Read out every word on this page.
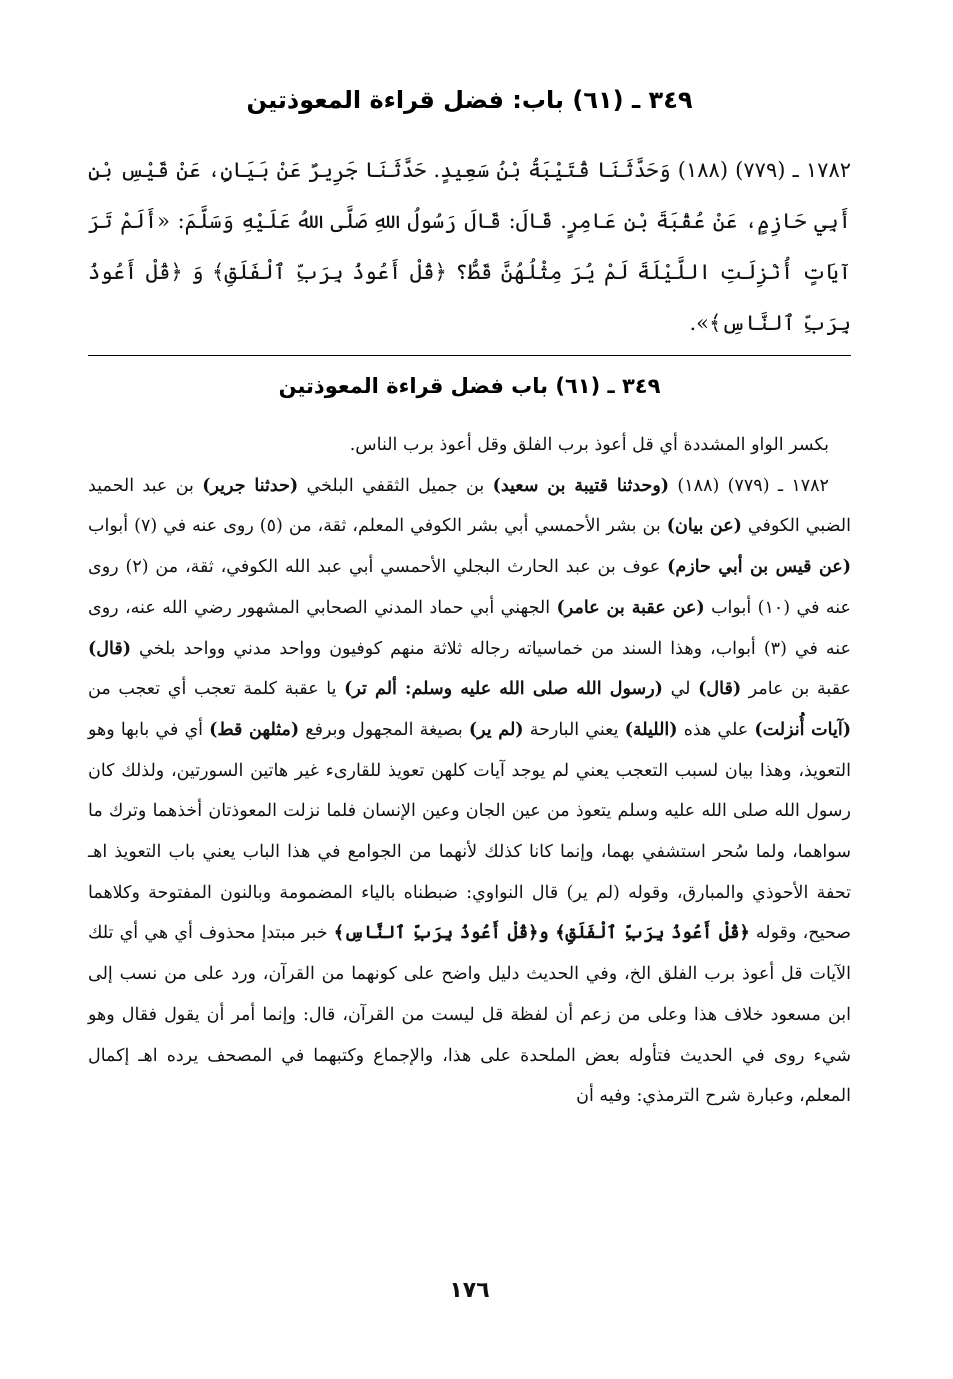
٣٤٩ ـ (٦١) باب: فضل قراءة المعوذتين
١٧٨٢ ـ (٧٧٩) (١٨٨) وَحَدَّثَنَا قُتَيْبَةُ بْنُ سَعِيدٍ. حَدَّثَنَا جَرِيرٌ عَنْ بَيَانٍ، عَنْ قَيْسِ بْنِ أَبِي حَازِمٍ، عَنْ عُقْبَةَ بْنِ عَامِرٍ. قَالَ: قَالَ رَسُولُ اللهِ صَلَّى اللهُ عَلَيْهِ وَسَلَّمَ: «أَلَمْ تَرَ آيَاتٍ أُنْزِلَتِ اللَّيْلَةَ لَمْ يُرَ مِثْلُهُنَّ قَطُّ؟ ﴿قُلْ أَعُوذُ بِرَبِّ ٱلْفَلَقِ﴾ وَ ﴿قُلْ أَعُوذُ بِرَبِّ ٱلنَّاسِ﴾».
٣٤٩ ـ (٦١) باب فضل قراءة المعوذتين

بكسر الواو المشددة أي قل أعوذ برب الفلق وقل أعوذ برب الناس.

١٧٨٢ ـ (٧٧٩) (١٨٨) (وحدثنا قتيبة بن سعيد) بن جميل الثقفي البلخي (حدثنا جرير) بن عبد الحميد الضبي الكوفي (عن بيان) بن بشر الأحمسي أبي بشر الكوفي المعلم، ثقة، من (٥) روى عنه في (٧) أبواب (عن قيس بن أبي حازم) عوف بن عبد الحارث البجلي الأحمسي أبي عبد الله الكوفي، ثقة، من (٢) روى عنه في (١٠) أبواب (عن عقبة بن عامر) الجهني أبي حماد المدني الصحابي المشهور رضي الله عنه، روى عنه في (٣) أبواب، وهذا السند من خماسياته رجاله ثلاثة منهم كوفيون وواحد مدني وواحد بلخي (قال) عقبة بن عامر (قال) لي (رسول الله صلى الله عليه وسلم: ألم تر) يا عقبة كلمة تعجب أي تعجب من (آيات أُنزلت) علي هذه (الليلة) يعني البارحة (لم ير) بصيغة المجهول وبرفع (مثلهن قط) أي في بابها وهو التعويذ، وهذا بيان لسبب التعجب يعني لم يوجد آيات كلهن تعويذ للقارىء غير هاتين السورتين، ولذلك كان رسول الله صلى الله عليه وسلم يتعوذ من عين الجان وعين الإنسان فلما نزلت المعوذتان أخذهما وترك ما سواهما، ولما سُحر استشفي بهما، وإنما كانا كذلك لأنهما من الجوامع في هذا الباب يعني باب التعويذ اهـ تحفة الأحوذي والمبارق، وقوله (لم ير) قال النواوي: ضبطناه بالياء المضمومة وبالنون المفتوحة وكلاهما صحيح، وقوله ﴿قُلْ أَعُوذُ بِرَبِّ ٱلْفَلَقِ﴾ و﴿قُلْ أَعُوذُ بِرَبِّ ٱلنَّاسِ﴾ خبر مبتدإ محذوف أي هي أي تلك الآيات قل أعوذ برب الفلق الخ، وفي الحديث دليل واضح على كونهما من القرآن، ورد على من نسب إلى ابن مسعود خلاف هذا وعلى من زعم أن لفظة قل ليست من القرآن، قال: وإنما أمر أن يقول فقال وهو شيء روى في الحديث فتأوله بعض الملحدة على هذا، والإجماع وكتبهما في المصحف يرده اهـ إكمال المعلم، وعبارة شرح الترمذي: وفيه أن

١٧٦
